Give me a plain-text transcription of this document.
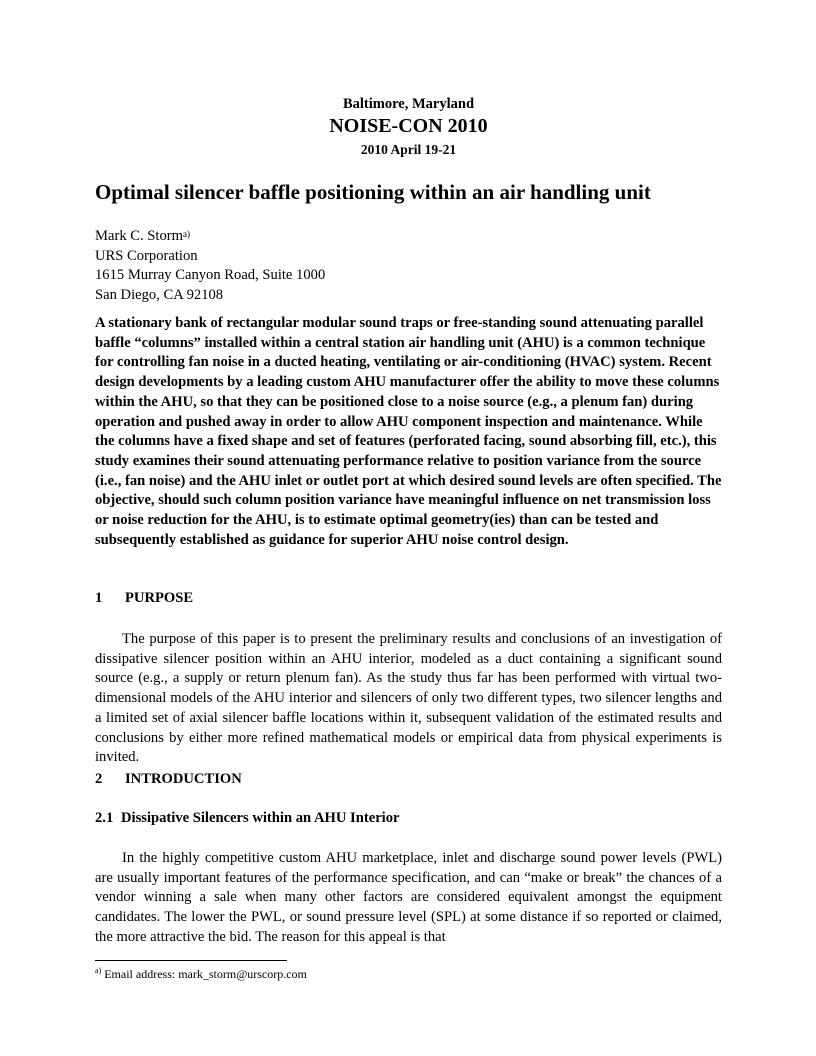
Baltimore, Maryland
NOISE-CON 2010
2010 April 19-21
Optimal silencer baffle positioning within an air handling unit
Mark C. Storm$^{a)}$
URS Corporation
1615 Murray Canyon Road, Suite 1000
San Diego, CA 92108
A stationary bank of rectangular modular sound traps or free-standing sound attenuating parallel baffle “columns” installed within a central station air handling unit (AHU) is a common technique for controlling fan noise in a ducted heating, ventilating or air-conditioning (HVAC) system. Recent design developments by a leading custom AHU manufacturer offer the ability to move these columns within the AHU, so that they can be positioned close to a noise source (e.g., a plenum fan) during operation and pushed away in order to allow AHU component inspection and maintenance. While the columns have a fixed shape and set of features (perforated facing, sound absorbing fill, etc.), this study examines their sound attenuating performance relative to position variance from the source (i.e., fan noise) and the AHU inlet or outlet port at which desired sound levels are often specified. The objective, should such column position variance have meaningful influence on net transmission loss or noise reduction for the AHU, is to estimate optimal geometry(ies) than can be tested and subsequently established as guidance for superior AHU noise control design.
1 PURPOSE
The purpose of this paper is to present the preliminary results and conclusions of an investigation of dissipative silencer position within an AHU interior, modeled as a duct containing a significant sound source (e.g., a supply or return plenum fan). As the study thus far has been performed with virtual two-dimensional models of the AHU interior and silencers of only two different types, two silencer lengths and a limited set of axial silencer baffle locations within it, subsequent validation of the estimated results and conclusions by either more refined mathematical models or empirical data from physical experiments is invited.
2 INTRODUCTION
2.1 Dissipative Silencers within an AHU Interior
In the highly competitive custom AHU marketplace, inlet and discharge sound power levels (PWL) are usually important features of the performance specification, and can “make or break” the chances of a vendor winning a sale when many other factors are considered equivalent amongst the equipment candidates. The lower the PWL, or sound pressure level (SPL) at some distance if so reported or claimed, the more attractive the bid. The reason for this appeal is that
$^{a)}$ Email address: mark_storm@urscorp.com
